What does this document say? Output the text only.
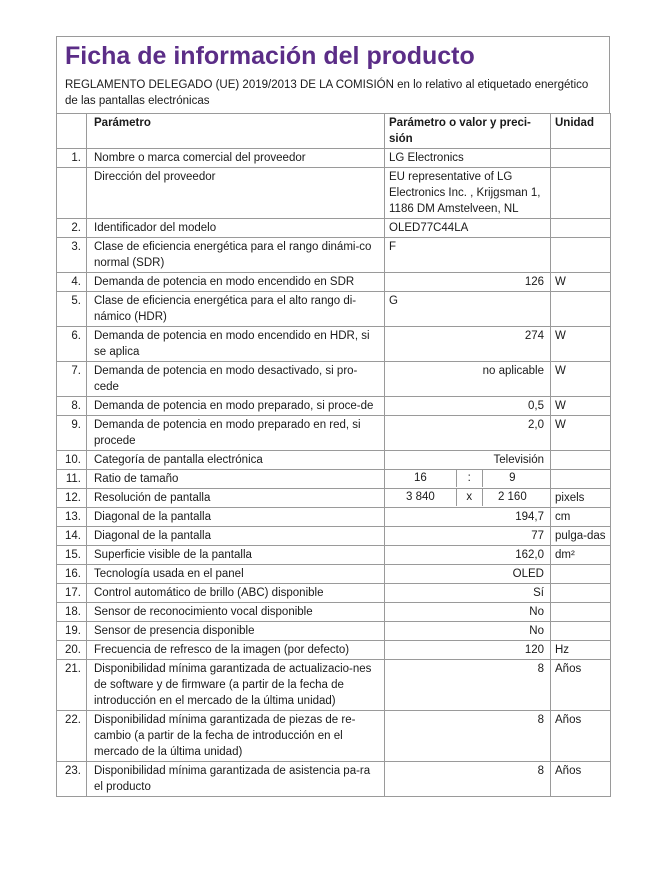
Ficha de información del producto
REGLAMENTO DELEGADO (UE) 2019/2013 DE LA COMISIÓN en lo relativo al etiquetado energético de las pantallas electrónicas
	Parámetro	Parámetro o valor y preci-sión	Unidad
1.	Nombre o marca comercial del proveedor	LG Electronics	
	Dirección del proveedor	EU representative of LG Electronics Inc. , Krijgsman 1, 1186 DM Amstelveen, NL	
2.	Identificador del modelo	OLED77C44LA	
3.	Clase de eficiencia energética para el rango dinámi-co normal (SDR)	F	
4.	Demanda de potencia en modo encendido en SDR	126	W
5.	Clase de eficiencia energética para el alto rango di-námico (HDR)	G	
6.	Demanda de potencia en modo encendido en HDR, si se aplica	274	W
7.	Demanda de potencia en modo desactivado, si pro-cede	no aplicable	W
8.	Demanda de potencia en modo preparado, si proce-de	0,5	W
9.	Demanda de potencia en modo preparado en red, si procede	2,0	W
10.	Categoría de pantalla electrónica	Televisión	
11.	Ratio de tamaño	16 : 9	

12.	Resolución de pantalla	3 840 x 2 160	pixels
13.	Diagonal de la pantalla	194,7	cm
14.	Diagonal de la pantalla	77	pulga-das
15.	Superficie visible de la pantalla	162,0	dm²
16.	Tecnología usada en el panel	OLED	
17.	Control automático de brillo (ABC) disponible	Sí	
18.	Sensor de reconocimiento vocal disponible	No	
19.	Sensor de presencia disponible	No	
20.	Frecuencia de refresco de la imagen (por defecto)	120	Hz
21.	Disponibilidad mínima garantizada de actualizacio-nes de software y de firmware (a partir de la fecha de introducción en el mercado de la última unidad)	8	Años
22.	Disponibilidad mínima garantizada de piezas de re-cambio (a partir de la fecha de introducción en el mercado de la última unidad)	8	Años
23.	Disponibilidad mínima garantizada de asistencia pa-ra el producto	8	Años
